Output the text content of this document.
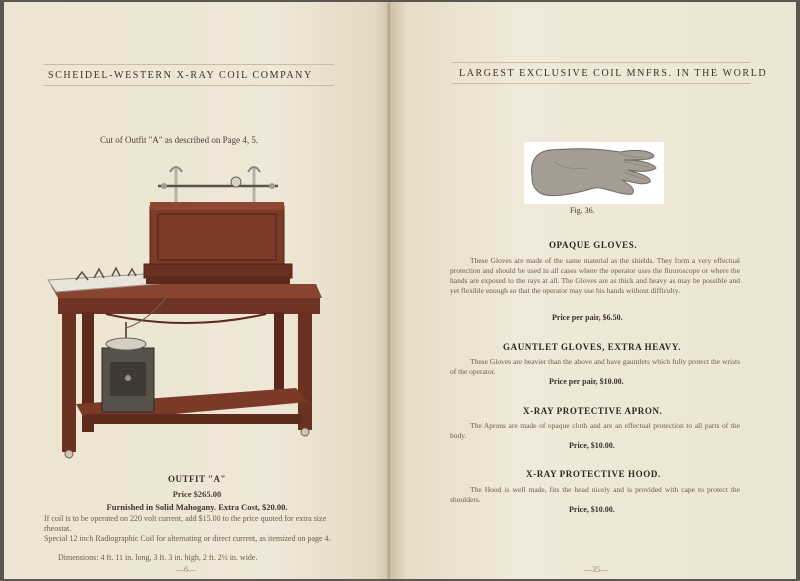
SCHEIDEL-WESTERN X-RAY COIL COMPANY
Cut of Outfit "A" as described on Page 4, 5.
SCHEIDEL-WESTERN
OUTFIT "A"
Price $265.00
Furnished in Solid Mahogany. Extra Cost, $20.00.
If coil is to be operated on 220 volt current, add $15.00 to the price quoted for extra size rheostat.
Special 12 inch Radiographic Coil for alternating or direct current, as itemized on page 4.
Dimensions: 4 ft. 11 in. long, 3 ft. 3 in. high, 2 ft. 2½ in. wide.
—6—
LARGEST EXCLUSIVE COIL MNFRS. IN THE WORLD
Fig. 36.
OPAQUE GLOVES.
These Gloves are made of the same material as the shields. They form a very effectual protection and should be used in all cases where the operator uses the fluoroscope or where the hands are exposed to the rays at all. The Gloves are as thick and heavy as may be possible and yet flexible enough so that the operator may use his hands without difficulty.
Price per pair, $6.50.
GAUNTLET GLOVES, EXTRA HEAVY.
These Gloves are heavier than the above and have gauntlets which fully protect the wrists of the operator.
Price per pair, $10.00.
X-RAY PROTECTIVE APRON.
The Aprons are made of opaque cloth and are an effectual protection to all parts of the body.
Price, $10.00.
X-RAY PROTECTIVE HOOD.
The Hood is well made, fits the head nicely and is provided with cape to protect the shoulders.
Price, $10.00.
—35—
